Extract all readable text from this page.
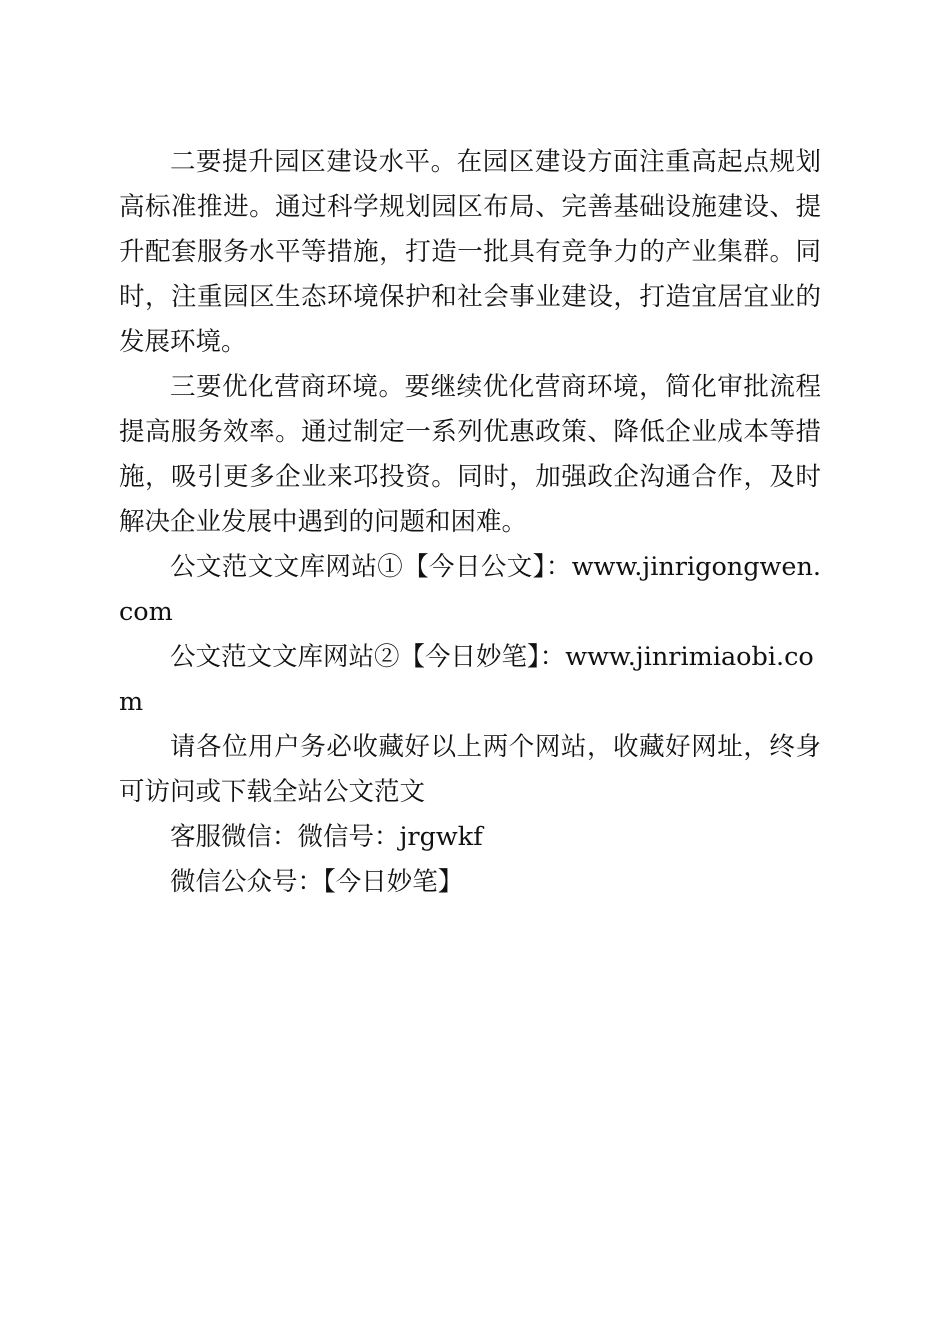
二要提升园区建设水平。在园区建设方面注重高起点规划高标准推进。通过科学规划园区布局、完善基础设施建设、提升配套服务水平等措施，打造一批具有竞争力的产业集群。同时，注重园区生态环境保护和社会事业建设，打造宜居宜业的发展环境。

三要优化营商环境。要继续优化营商环境，简化审批流程提高服务效率。通过制定一系列优惠政策、降低企业成本等措施，吸引更多企业来邛投资。同时，加强政企沟通合作，及时解决企业发展中遇到的问题和困难。

公文范文文库网站①【今日公文】：www.jinrigongwen.com

公文范文文库网站②【今日妙笔】：www.jinrimiaobi.com

请各位用户务必收藏好以上两个网站，收藏好网址，终身可访问或下载全站公文范文

客服微信：微信号：jrgwkf

微信公众号：【今日妙笔】
